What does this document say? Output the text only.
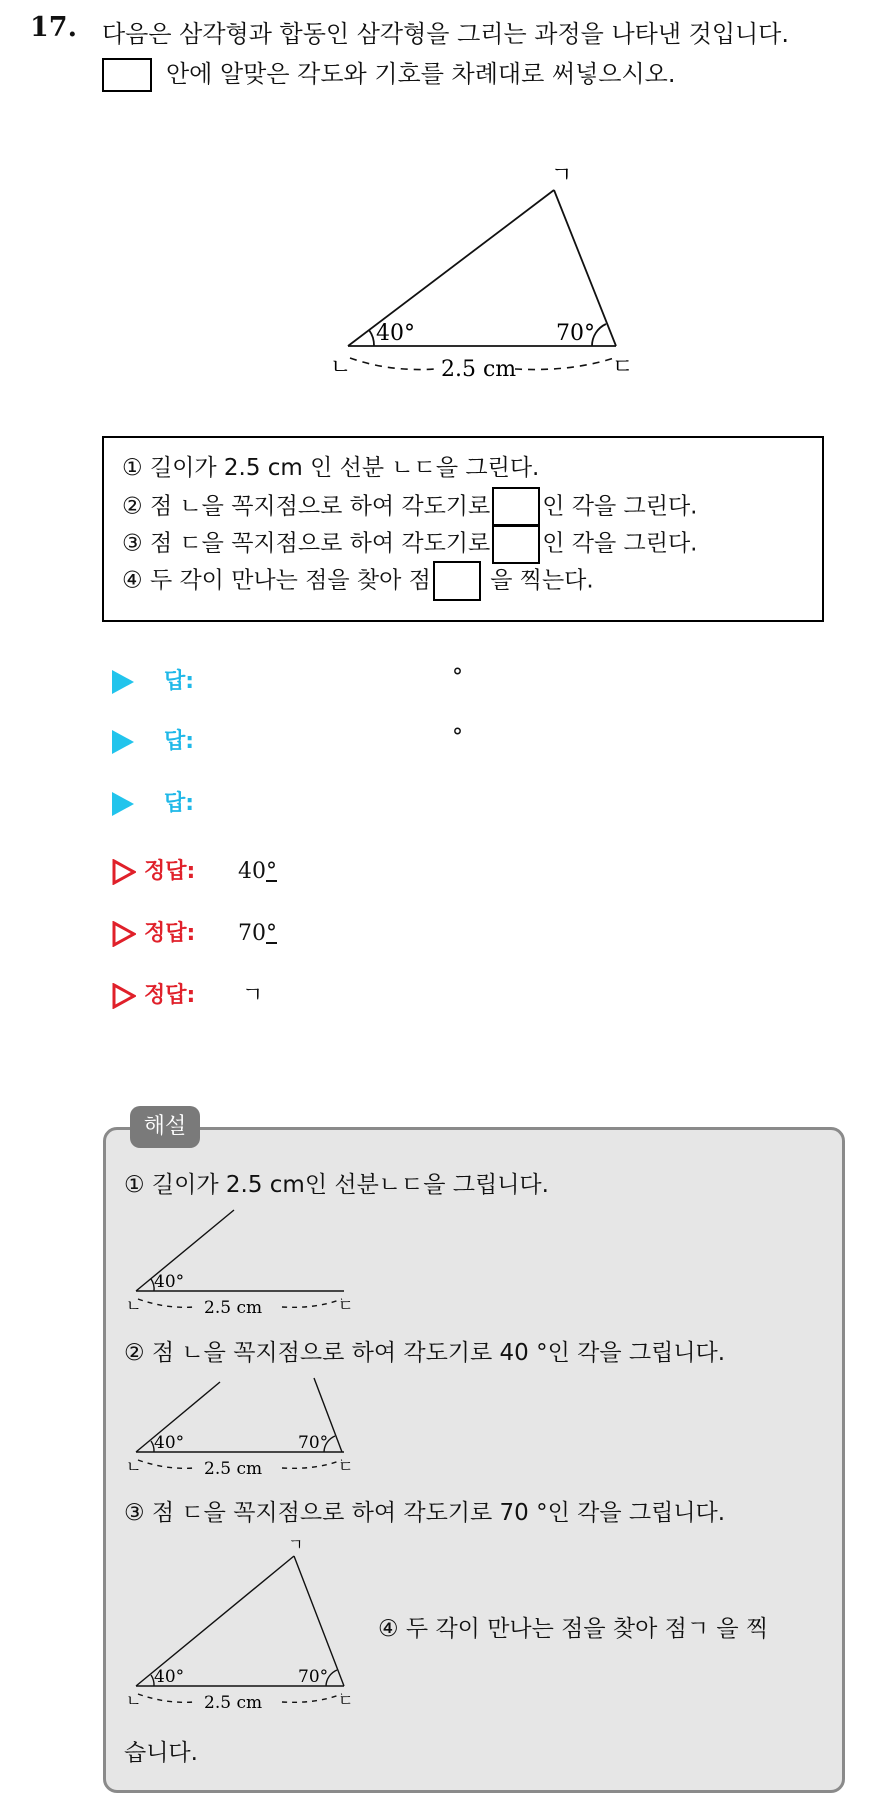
17. 다음은 삼각형과 합동인 삼각형을 그리는 과정을 나타낸 것입니다.
안에 알맞은 각도와 기호를 차례대로 써넣으시오.
ㄱ
ㄴ	ㄷ
40°	70°
2.5 cm
① 길이가 2.5 cm 인 선분 ㄴㄷ을 그린다.
② 점 ㄴ을 꼭지점으로 하여 각도기로 인 각을 그린다.
③ 점 ㄷ을 꼭지점으로 하여 각도기로 인 각을 그린다.
④ 두 각이 만나는 점을 찾아 점	을 찍는다.
답:	°
답:	°
답:
정답: 40°
정답: 70°
정답: ㄱ
해설
① 길이가 2.5 cm인 선분ㄴㄷ을 그립니다.
40°
ㄴ	ㄷ
2.5 cm
② 점 ㄴ을 꼭지점으로 하여 각도기로 40 °인 각을 그립니다.
40°	70°
ㄴ	ㄷ
2.5 cm
③ 점 ㄷ을 꼭지점으로 하여 각도기로 70 °인 각을 그립니다.
ㄱ
40°	70°
ㄴ	ㄷ
2.5 cm
④ 두 각이 만나는 점을 찾아 점ㄱ 을 찍
습니다.
